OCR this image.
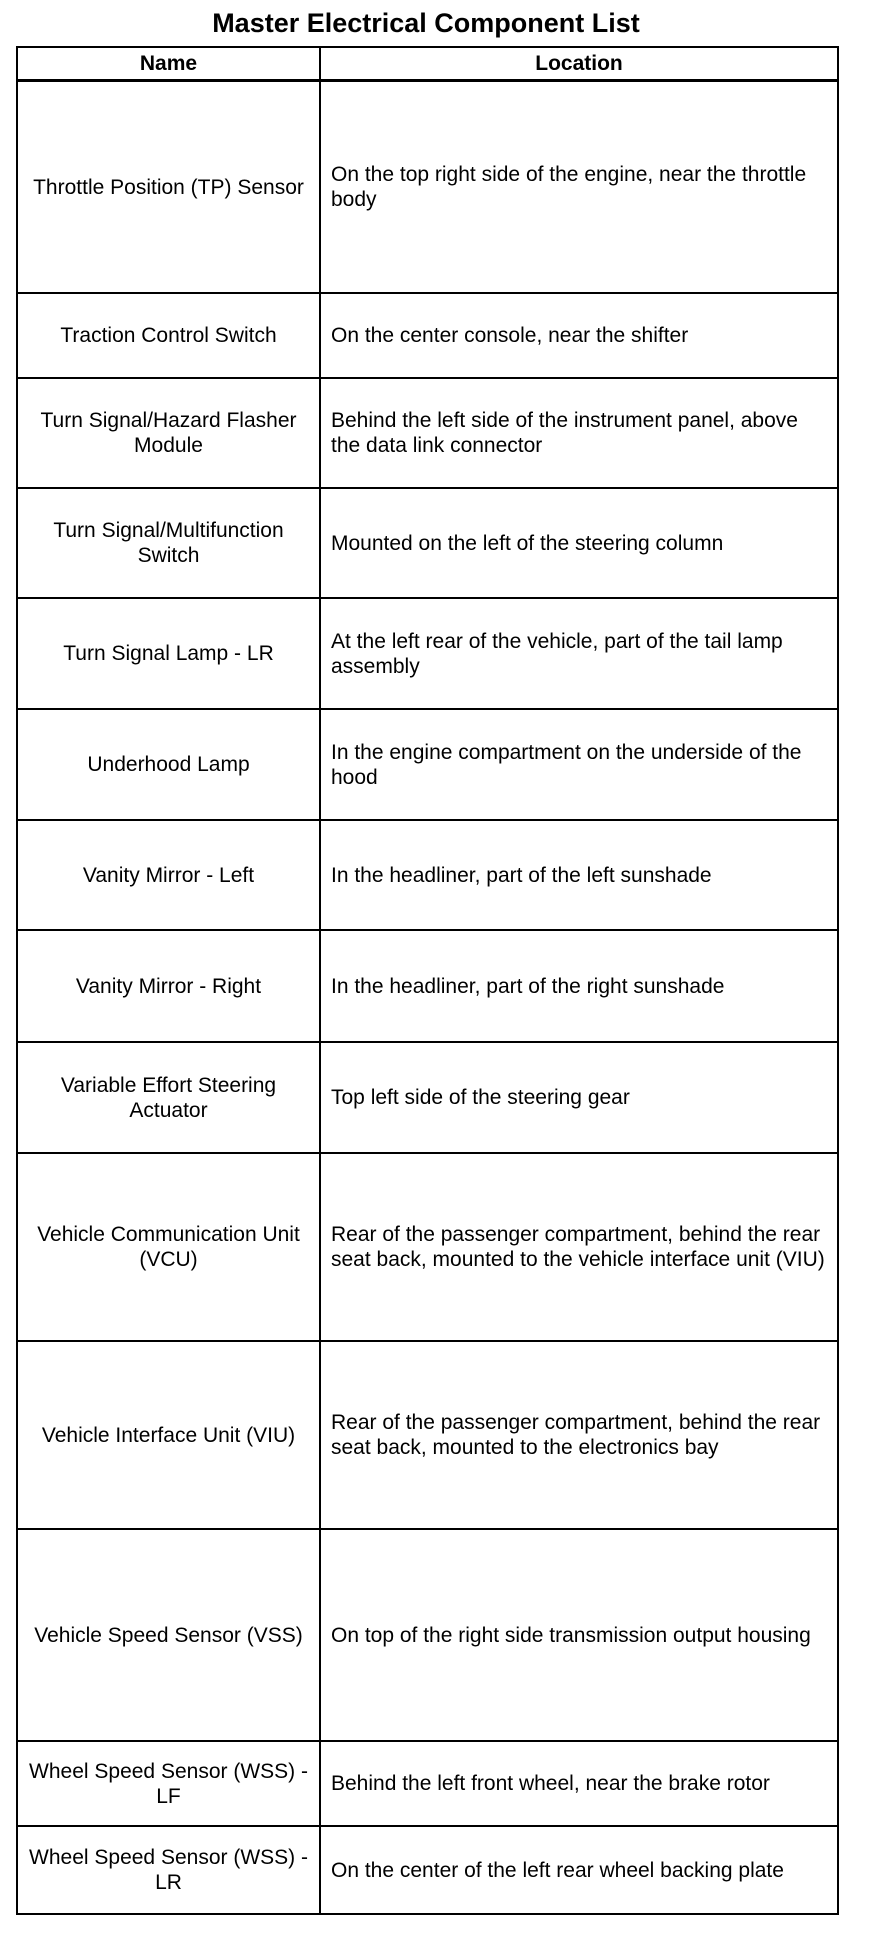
Master Electrical Component List
Name	Location
Throttle Position (TP) Sensor	On the top right side of the engine, near the throttle body
Traction Control Switch	On the center console, near the shifter
Turn Signal/Hazard Flasher Module	Behind the left side of the instrument panel, above the data link connector
Turn Signal/Multifunction Switch	Mounted on the left of the steering column
Turn Signal Lamp - LR	At the left rear of the vehicle, part of the tail lamp assembly
Underhood Lamp	In the engine compartment on the underside of the hood
Vanity Mirror - Left	In the headliner, part of the left sunshade
Vanity Mirror - Right	In the headliner, part of the right sunshade
Variable Effort Steering Actuator	Top left side of the steering gear
Vehicle Communication Unit (VCU)	Rear of the passenger compartment, behind the rear seat back, mounted to the vehicle interface unit (VIU)
Vehicle Interface Unit (VIU)	Rear of the passenger compartment, behind the rear seat back, mounted to the electronics bay
Vehicle Speed Sensor (VSS)	On top of the right side transmission output housing
Wheel Speed Sensor (WSS) - LF	Behind the left front wheel, near the brake rotor
Wheel Speed Sensor (WSS) - LR	On the center of the left rear wheel backing plate
